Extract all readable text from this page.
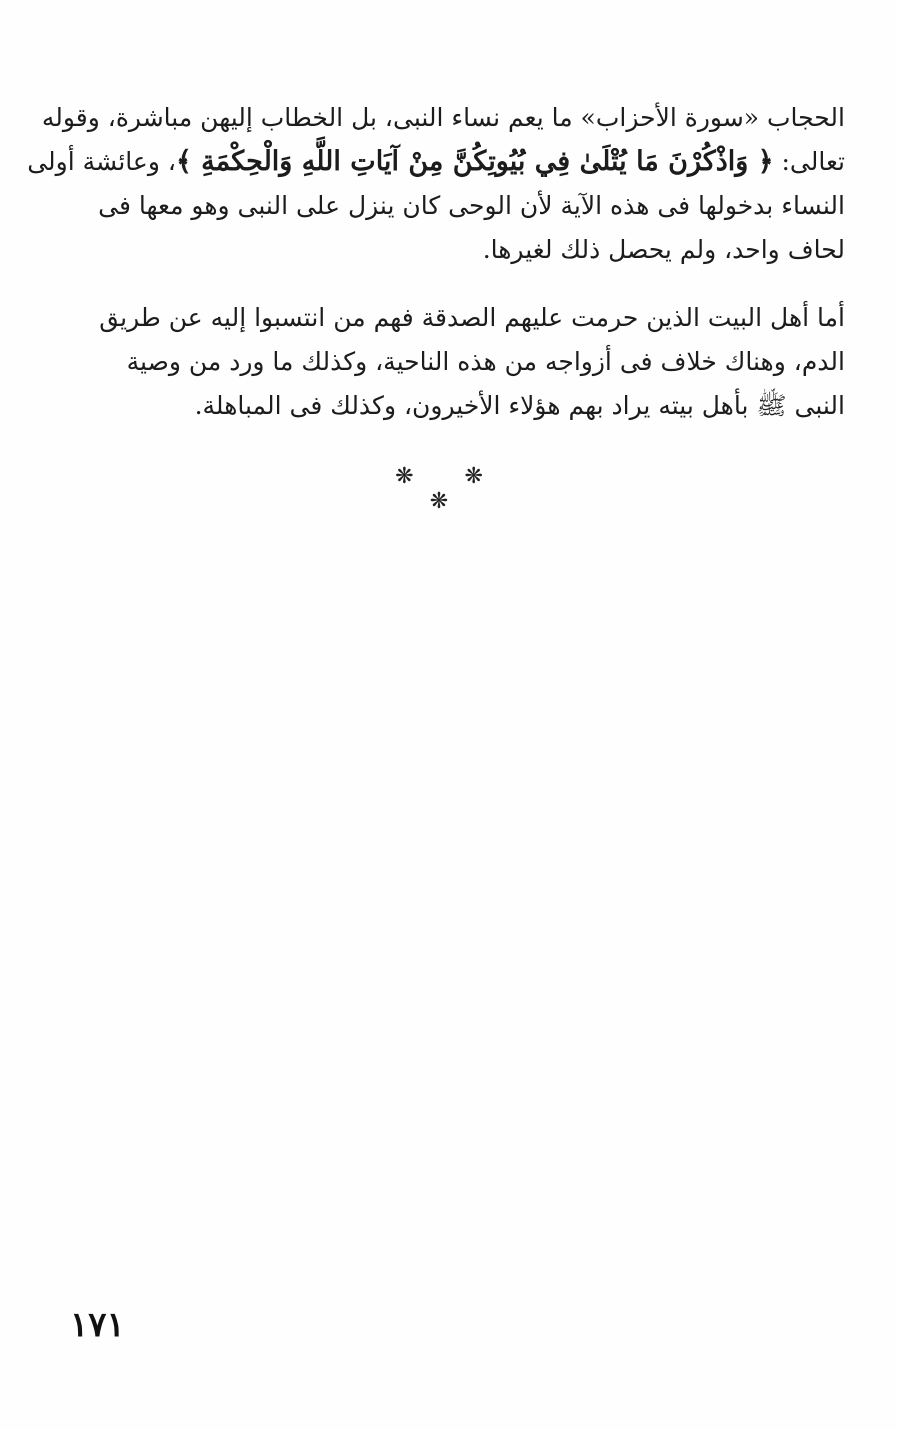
الحجاب «سورة الأحزاب» ما يعم نساء النبى، بل الخطاب إليهن مباشرة، وقوله
تعالى: ﴿ وَاذْكُرْنَ مَا يُتْلَىٰ فِي بُيُوتِكُنَّ مِنْ آيَاتِ اللَّهِ وَالْحِكْمَةِ ﴾، وعائشة أولى
النساء بدخولها فى هذه الآية لأن الوحى كان ينزل على النبى وهو معها فى
لحاف واحد، ولم يحصل ذلك لغيرها.
أما أهل البيت الذين حرمت عليهم الصدقة فهم من انتسبوا إليه عن طريق
الدم، وهناك خلاف فى أزواجه من هذه الناحية، وكذلك ما ورد من وصية
النبى ﷺ بأهل بيته يراد بهم هؤلاء الأخيرون، وكذلك فى المباهلة.
❋ ❋ ❋
١٧١
